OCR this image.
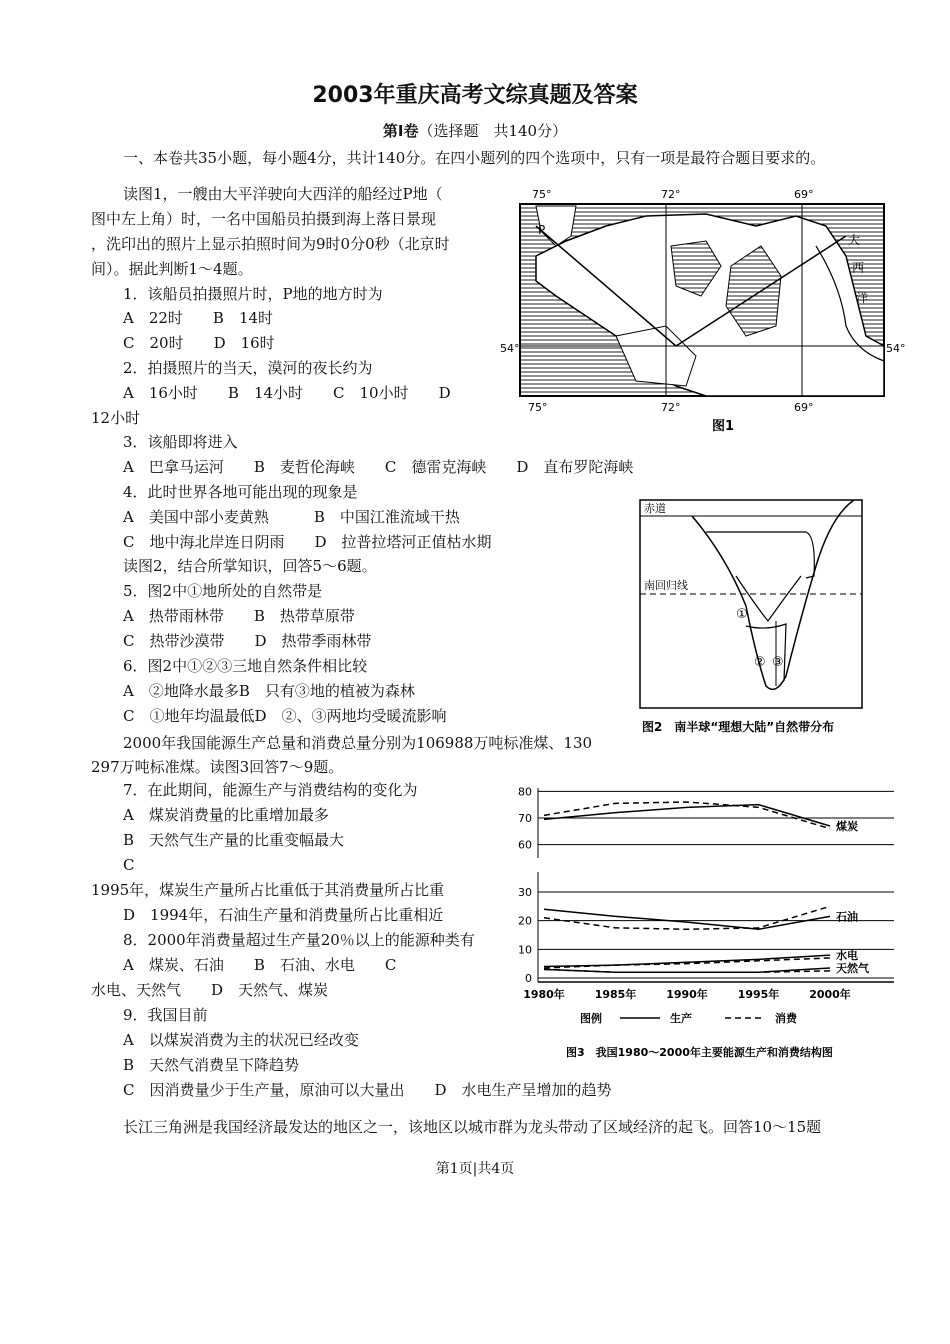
2003年重庆高考文综真题及答案
第I卷（选择题　共140分）
一、本卷共35小题，每小题4分，共计140分。在四小题列的四个选项中，只有一项是最符合题目要求的。
读图1，一艘由大平洋驶向大西洋的船经过P地（
图中左上角）时，一名中国船员拍摄到海上落日景现
，洗印出的照片上显示拍照时间为9时0分0秒（北京时
间）。据此判断1～4题。
1．该船员拍摄照片时，P地的地方时为
A　22时　　B　14时
C　20时　　D　16时
2．拍摄照片的当天，漠河的夜长约为
A　16小时　　B　14小时　　C　10小时　　D
12小时
3．该船即将进入
A　巴拿马运河　　B　麦哲伦海峡　　C　德雷克海峡　　D　直布罗陀海峡
4．此时世界各地可能出现的现象是
A　美国中部小麦黄熟　　　B　中国江淮流域干热
C　地中海北岸连日阴雨　　D　拉普拉塔河正值枯水期
读图2，结合所掌知识，回答5～6题。
5．图2中①地所处的自然带是
A　热带雨林带　　B　热带草原带
C　热带沙漠带　　D　热带季雨林带
6．图2中①②③三地自然条件相比较
A　②地降水最多B　只有③地的植被为森林
C　①地年均温最低D　②、③两地均受暖流影响
2000年我国能源生产总量和消费总量分别为106988万吨标准煤、130
297万吨标准煤。读图3回答7～9题。
7．在此期间，能源生产与消费结构的变化为
A　煤炭消费量的比重增加最多
B　天然气生产量的比重变幅最大
C
1995年，煤炭生产量所占比重低于其消费量所占比重
D　1994年，石油生产量和消费量所占比重相近
8．2000年消费量超过生产量20％以上的能源种类有
A　煤炭、石油　　B　石油、水电　　C
水电、天然气　　D　天然气、煤炭
9．我国目前
A　以煤炭消费为主的状况已经改变
B　天然气消费呈下降趋势
C　因消费量少于生产量，原油可以大量出　　D　水电生产呈增加的趋势
长江三角洲是我国经济最发达的地区之一，该地区以城市群为龙头带动了区域经济的起飞。回答10～15题
75°	72°	69°
75°	72°	69°
54°	54°
P
大
西
洋
图1
赤道
南回归线
①
② ③
图2　南半球“理想大陆”自然带分布
60
70
80
0
10
20
30
1980年	1985年	1990年	1995年	2000年
煤炭
石油
水电
天然气
图例	生产	消费
图3　我国1980～2000年主要能源生产和消费结构图
第1页|共4页
